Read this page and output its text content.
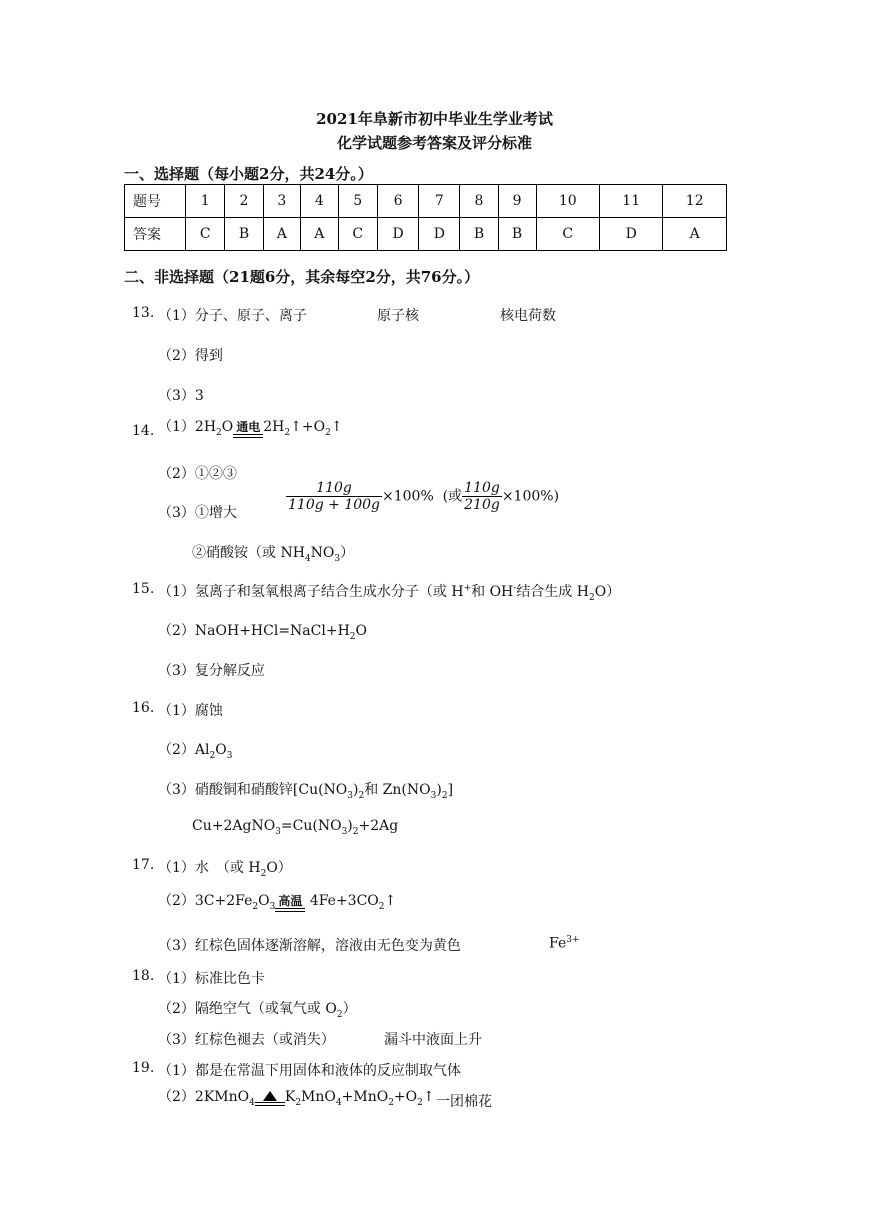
2021年阜新市初中毕业生学业考试
化学试题参考答案及评分标准
一、选择题（每小题2分，共24分。）
题号	1	2	3	4	5	6	7	8	9	10	11	12
答案	C	B	A	A	C	D	D	B	B	C	D	A
二、非选择题（21题6分，其余每空2分，共76分。）
13. （1）分子、原子、离子	原子核	核电荷数
（2）得到
（3）3
14. $(1)2H_2O$ 通电 $2H_2↑+O_2↑$
（2）①②③
（3）①增大	$\frac{110g}{110g + 100g} \times 100\%$ (或 $\frac{110g}{210g} \times 100\%$)
②硝酸铵（或 $NH_4NO_3$）
15. （1）氢离子和氢氧根离子结合生成水分子（或 H+和 OH-结合生成 $H_2O$）
$(2)NaOH+HCl=NaCl+H_2O$
（3）复分解反应
16. （1）腐蚀
$(2)Al_2O_3$
（3）硝酸铜和硝酸锌[$Cu(NO_3)_2$和 $Zn(NO_3)_2$]
$Cu+2AgNO_3=Cu(NO_3)_2+2Ag$
17. （1）水　（或 $H_2O$）
$(2)3C+2Fe_2O_3$ 高温 $4Fe+3CO_2↑$
（3）红棕色固体逐渐溶解，溶液由无色变为黄色	$Fe^{3+}$
18. （1）标准比色卡
（2）隔绝空气（或氧气或 $O_2$）
（3）红棕色褪去（或消失）	漏斗中液面上升
19. （1）都是在常温下用固体和液体的反应制取气体
（2）2KMnO$_4$ $K_2MnO_4+MnO_2+O_2↑$ 一团棉花
